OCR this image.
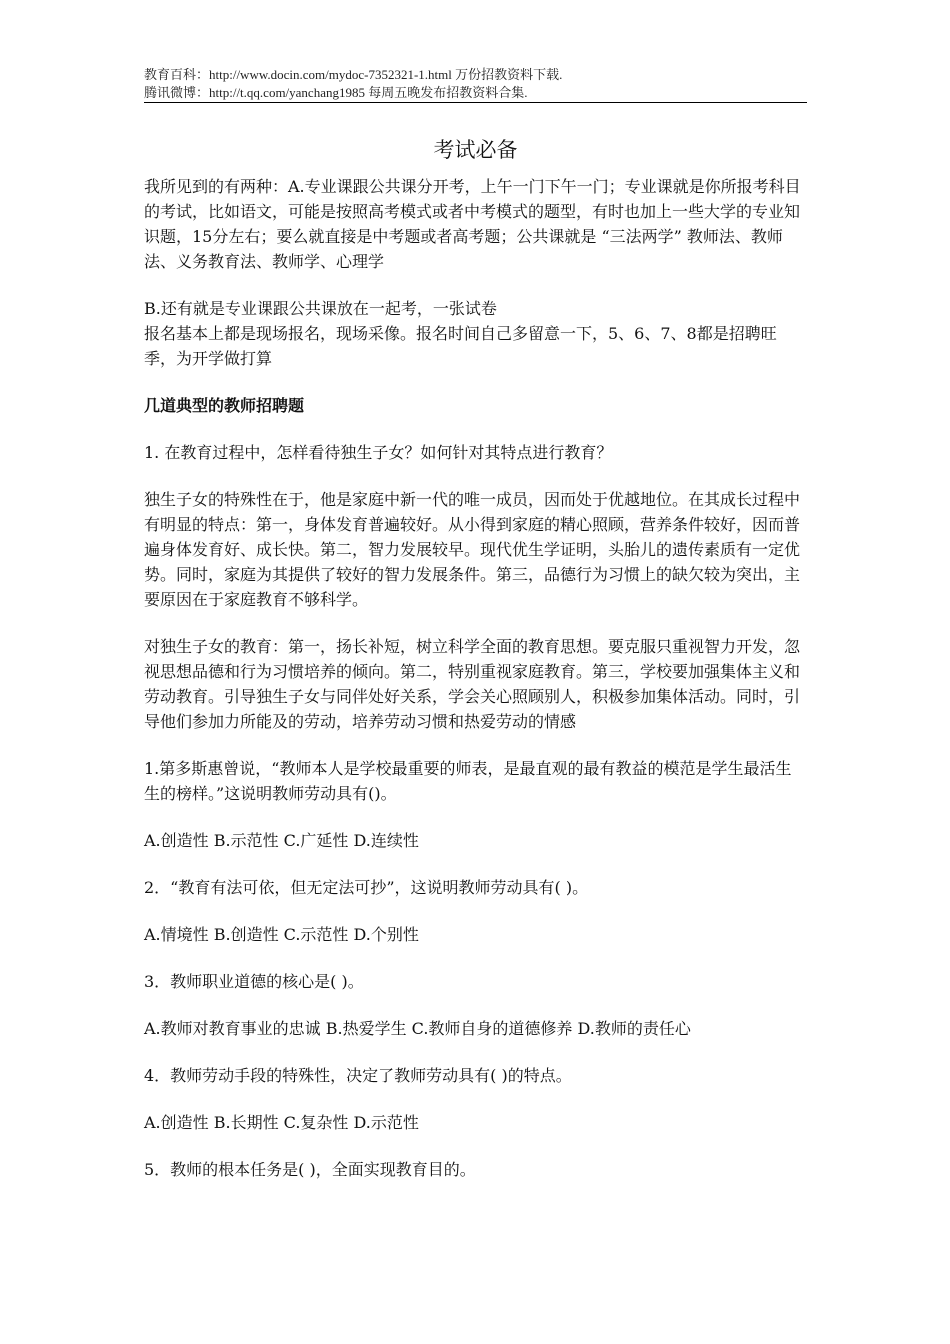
教育百科：http://www.docin.com/mydoc-7352321-1.html 万份招教资料下载.
腾讯微博：http://t.qq.com/yanchang1985 每周五晚发布招教资料合集.
考试必备

我所见到的有两种：A.专业课跟公共课分开考，上午一门下午一门；专业课就是你所报考科目的考试，比如语文，可能是按照高考模式或者中考模式的题型，有时也加上一些大学的专业知识题，15分左右；要么就直接是中考题或者高考题；公共课就是 “三法两学” 教师法、教师法、义务教育法、教师学、心理学

B.还有就是专业课跟公共课放在一起考，一张试卷

报名基本上都是现场报名，现场采像。报名时间自己多留意一下，5、6、7、8都是招聘旺季，为开学做打算

几道典型的教师招聘题

1. 在教育过程中，怎样看待独生子女？如何针对其特点进行教育？

独生子女的特殊性在于，他是家庭中新一代的唯一成员，因而处于优越地位。在其成长过程中有明显的特点：第一，身体发育普遍较好。从小得到家庭的精心照顾，营养条件较好，因而普遍身体发育好、成长快。第二，智力发展较早。现代优生学证明，头胎儿的遗传素质有一定优势。同时，家庭为其提供了较好的智力发展条件。第三，品德行为习惯上的缺欠较为突出，主要原因在于家庭教育不够科学。

对独生子女的教育：第一，扬长补短，树立科学全面的教育思想。要克服只重视智力开发，忽视思想品德和行为习惯培养的倾向。第二，特别重视家庭教育。第三，学校要加强集体主义和劳动教育。引导独生子女与同伴处好关系，学会关心照顾别人，积极参加集体活动。同时，引导他们参加力所能及的劳动，培养劳动习惯和热爱劳动的情感

1.第多斯惠曾说，“教师本人是学校最重要的师表，是最直观的最有教益的模范是学生最活生生的榜样。”这说明教师劳动具有()。

A.创造性 B.示范性 C.广延性 D.连续性

2．“教育有法可依，但无定法可抄”，这说明教师劳动具有( )。

A.情境性 B.创造性 C.示范性 D.个别性

3．教师职业道德的核心是( )。

A.教师对教育事业的忠诚 B.热爱学生 C.教师自身的道德修养 D.教师的责任心

4．教师劳动手段的特殊性，决定了教师劳动具有( )的特点。

A.创造性 B.长期性 C.复杂性 D.示范性

5．教师的根本任务是( )，全面实现教育目的。
